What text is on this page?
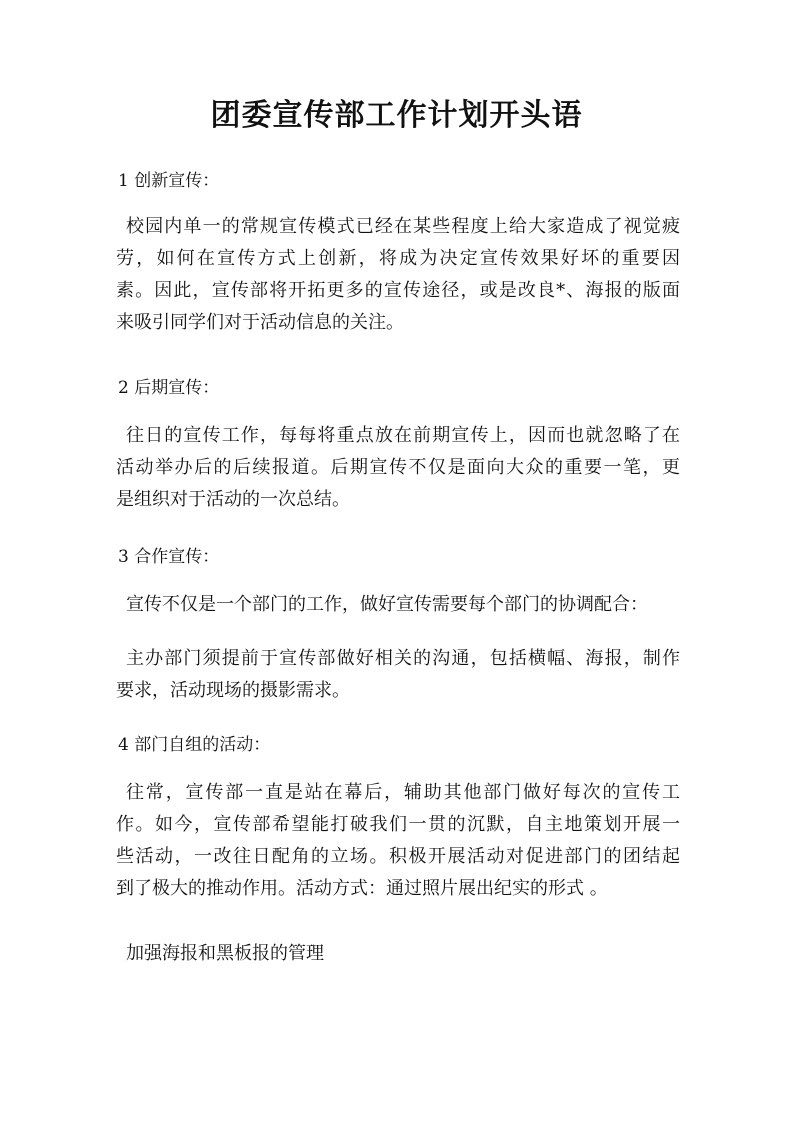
团委宣传部工作计划开头语
1 创新宣传：
校园内单一的常规宣传模式已经在某些程度上给大家造成了视觉疲
劳，如何在宣传方式上创新，将成为决定宣传效果好坏的重要因
素。因此，宣传部将开拓更多的宣传途径，或是改良*、海报的版面
来吸引同学们对于活动信息的关注。
2 后期宣传：
往日的宣传工作，每每将重点放在前期宣传上，因而也就忽略了在
活动举办后的后续报道。后期宣传不仅是面向大众的重要一笔，更
是组织对于活动的一次总结。
3 合作宣传：
宣传不仅是一个部门的工作，做好宣传需要每个部门的协调配合：
主办部门须提前于宣传部做好相关的沟通，包括横幅、海报，制作
要求，活动现场的摄影需求。
4 部门自组的活动：
往常，宣传部一直是站在幕后，辅助其他部门做好每次的宣传工
作。如今，宣传部希望能打破我们一贯的沉默，自主地策划开展一
些活动，一改往日配角的立场。积极开展活动对促进部门的团结起
到了极大的推动作用。活动方式：通过照片展出纪实的形式 。
加强海报和黑板报的管理
